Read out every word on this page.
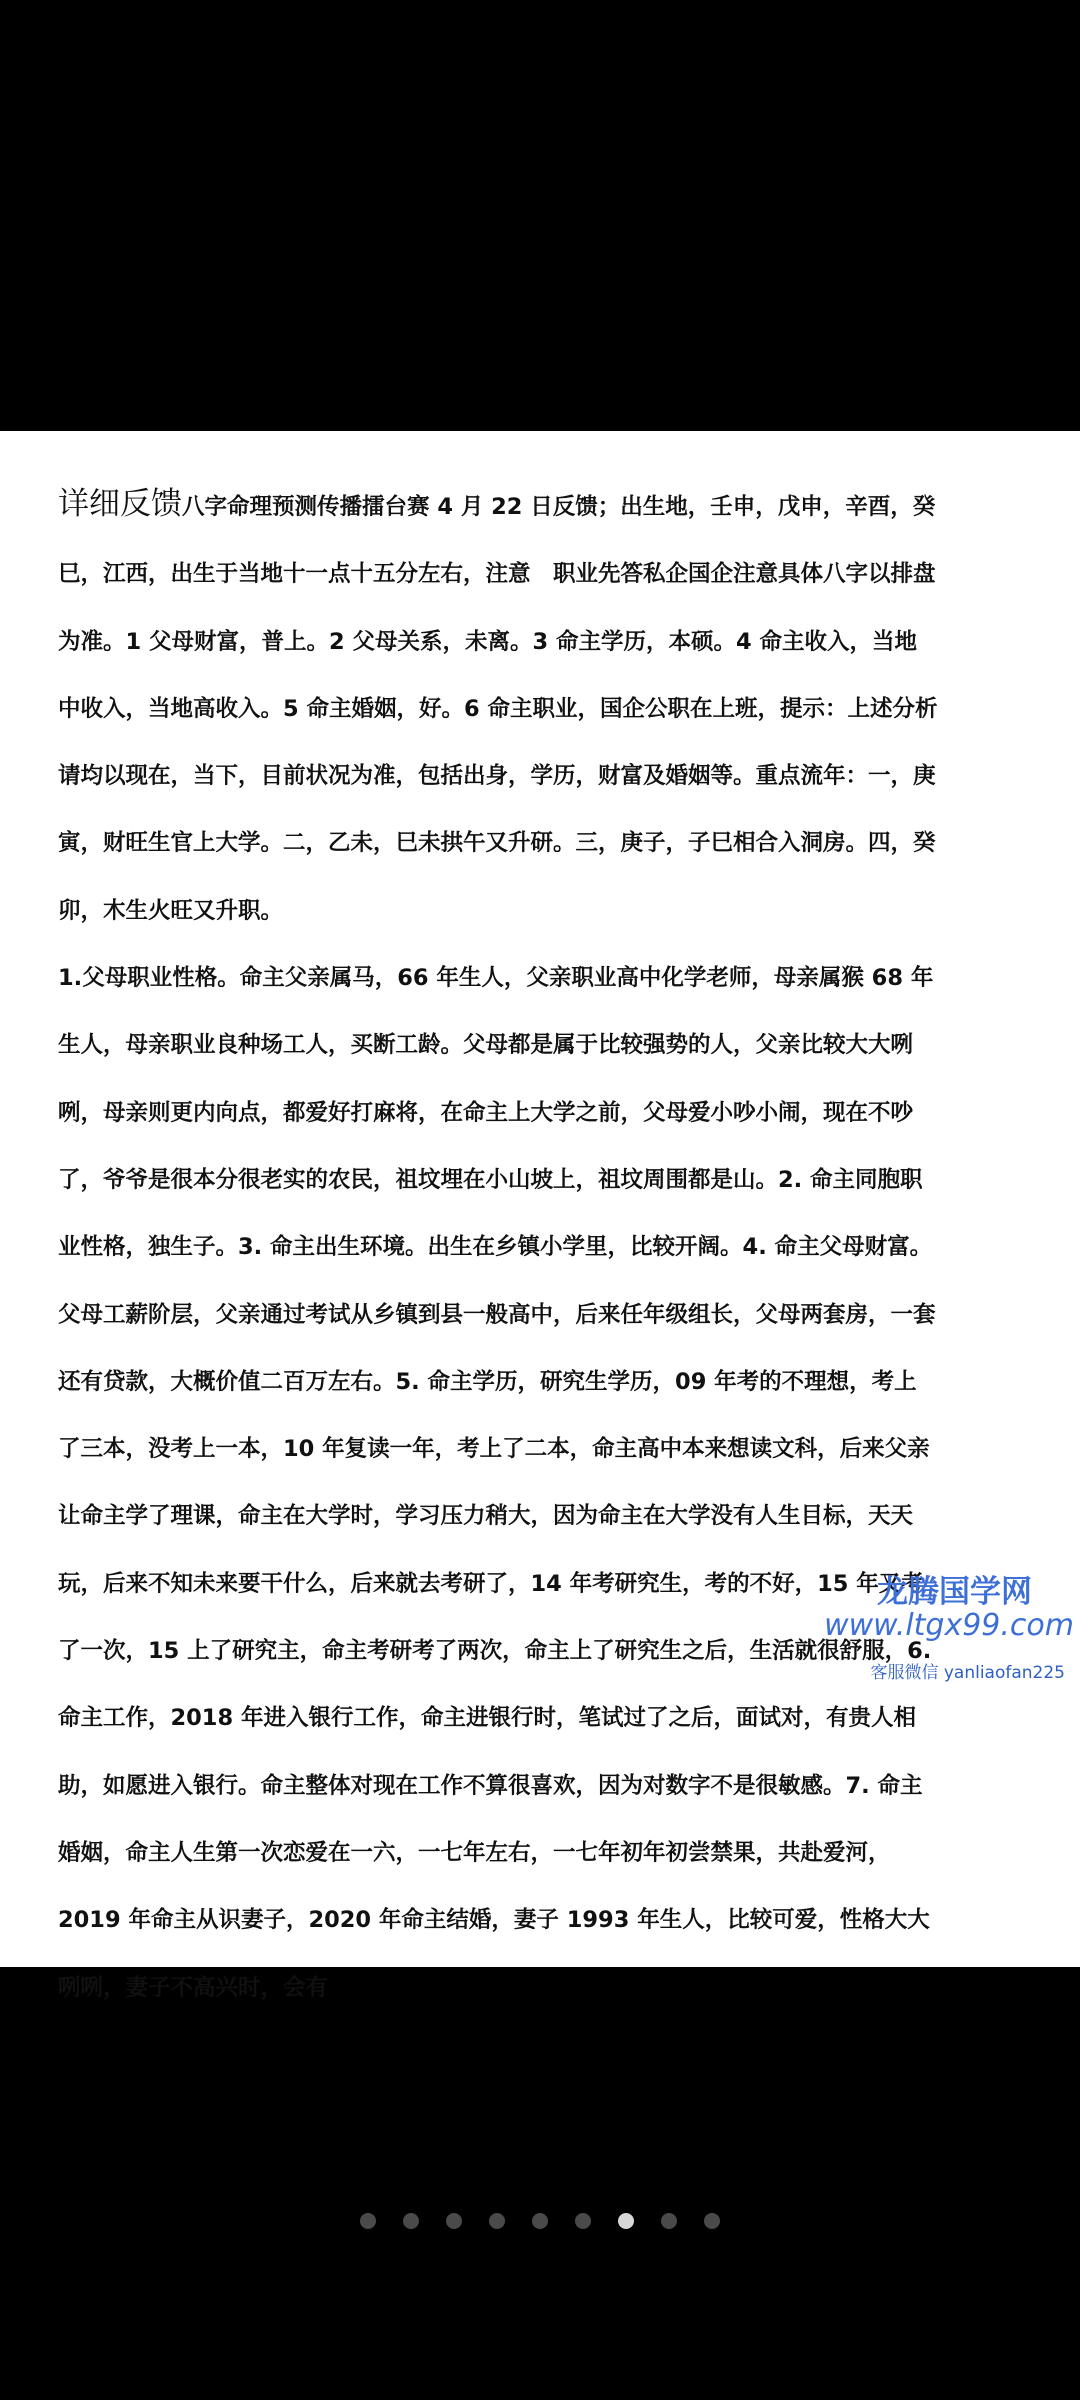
详细反馈八字命理预测传播擂台赛 4 月 22 日反馈；出生地，壬申，戊申，辛酉，癸巳，江西，出生于当地十一点十五分左右，注意　职业先答私企国企注意具体八字以排盘为准。1 父母财富，普上。2 父母关系，未离。3 命主学历，本硕。4 命主收入，当地中收入，当地高收入。5 命主婚姻，好。6 命主职业，国企公职在上班，提示：上述分析请均以现在，当下，目前状况为准，包括出身，学历，财富及婚姻等。重点流年：一，庚寅，财旺生官上大学。二，乙未，巳未拱午又升研。三，庚子，子巳相合入洞房。四，癸卯，木生火旺又升职。

1.父母职业性格。命主父亲属马，66 年生人，父亲职业高中化学老师，母亲属猴 68 年生人，母亲职业良种场工人，买断工龄。父母都是属于比较强势的人，父亲比较大大咧咧，母亲则更内向点，都爱好打麻将，在命主上大学之前，父母爱小吵小闹，现在不吵了，爷爷是很本分很老实的农民，祖坟埋在小山坡上，祖坟周围都是山。2. 命主同胞职业性格，独生子。3. 命主出生环境。出生在乡镇小学里，比较开阔。4. 命主父母财富。父母工薪阶层，父亲通过考试从乡镇到县一般高中，后来任年级组长，父母两套房，一套还有贷款，大概价值二百万左右。5. 命主学历，研究生学历，09 年考的不理想，考上了三本，没考上一本，10 年复读一年，考上了二本，命主高中本来想读文科，后来父亲让命主学了理课，命主在大学时，学习压力稍大，因为命主在大学没有人生目标，天天玩，后来不知未来要干什么，后来就去考研了，14 年考研究生，考的不好，15 年又考了一次，15 上了研究主，命主考研考了两次，命主上了研究生之后，生活就很舒服，6. 命主工作，2018 年进入银行工作，命主进银行时，笔试过了之后，面试对，有贵人相助，如愿进入银行。命主整体对现在工作不算很喜欢，因为对数字不是很敏感。7. 命主婚姻，命主人生第一次恋爱在一六，一七年左右，一七年初年初尝禁果，共赴爱河，2019 年命主从识妻子，2020 年命主结婚，妻子 1993 年生人，比较可爱，性格大大咧咧，妻子不高兴时，会有

龙腾国学网
www.ltgx99.com
客服微信 yanliaofan225
